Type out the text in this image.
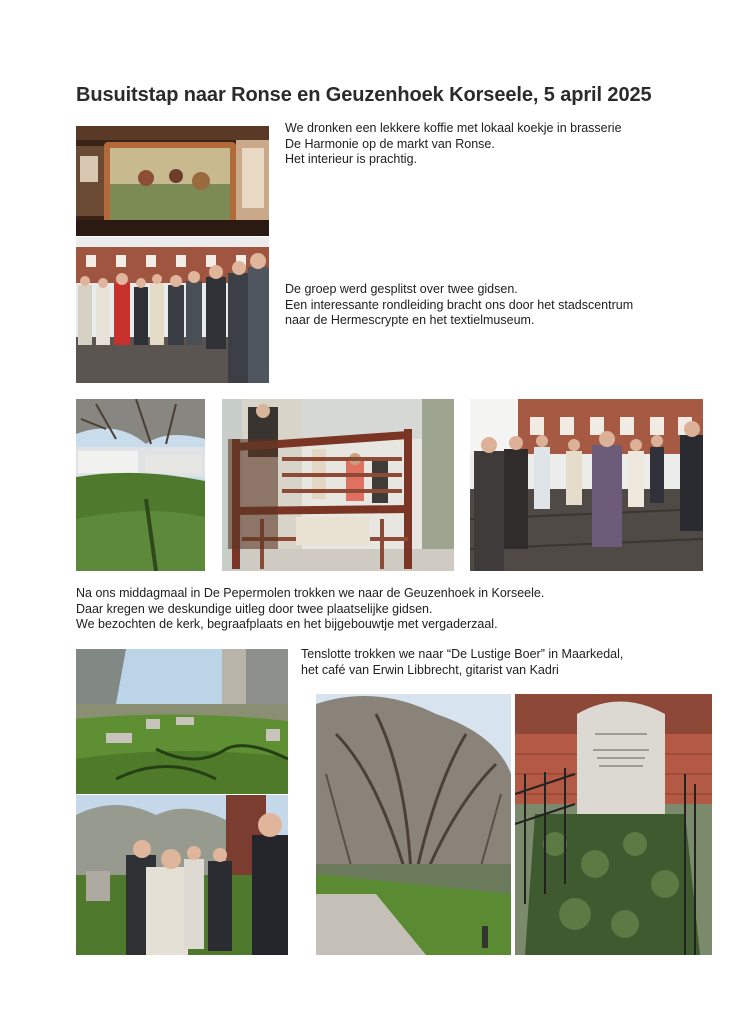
Busuitstap naar Ronse en Geuzenhoek Korseele, 5 april 2025
We dronken een lekkere koffie met lokaal koekje in brasserie
De Harmonie op de markt van Ronse.
Het interieur is prachtig.
De groep werd gesplitst over twee gidsen.
Een interessante rondleiding bracht ons door het stadscentrum
naar de Hermescrypte en het textielmuseum.
Na ons middagmaal in De Pepermolen trokken we naar de Geuzenhoek in Korseele.
Daar kregen we deskundige uitleg door twee plaatselijke gidsen.
We bezochten de kerk, begraafplaats en het bijgebouwtje met vergaderzaal.
Tenslotte trokken we naar “De Lustige Boer” in Maarkedal,
het café van Erwin Libbrecht, gitarist van Kadri
